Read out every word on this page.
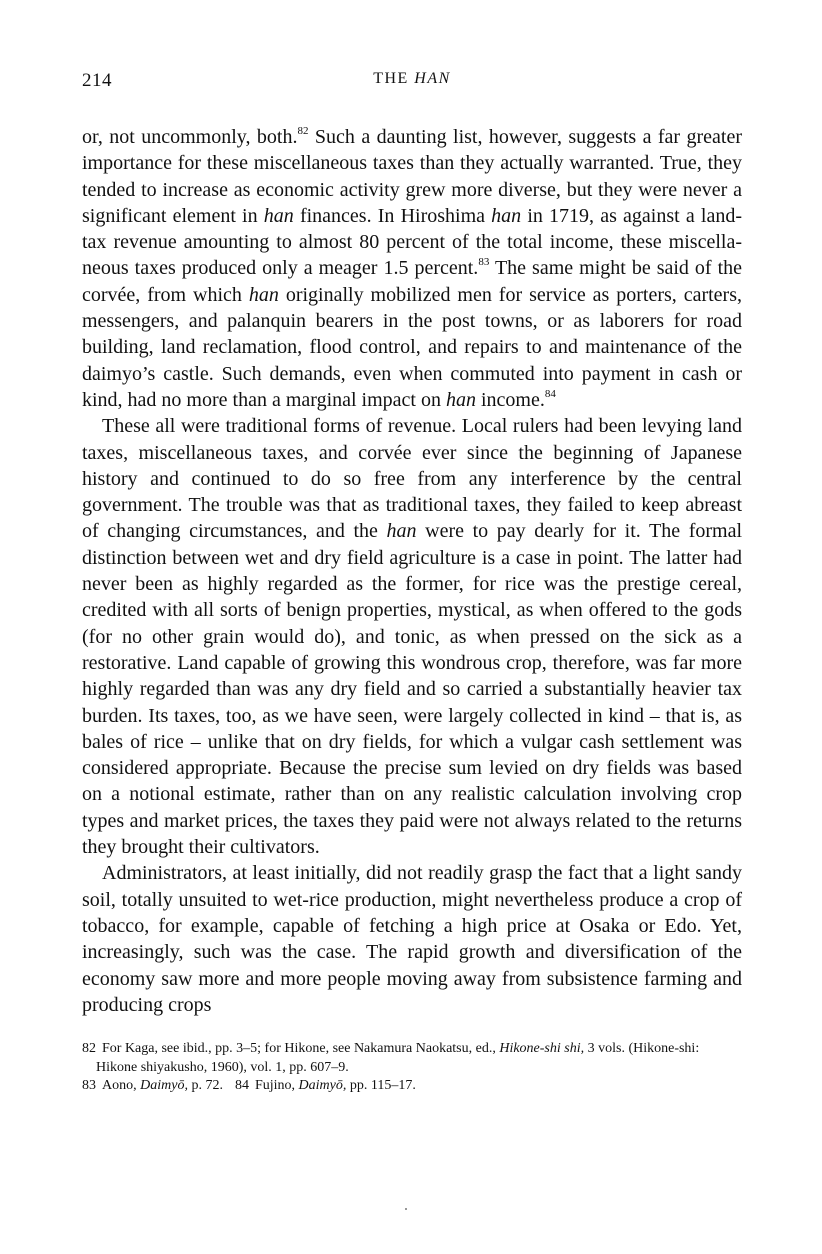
214	THE HAN

or, not uncommonly, both.$^{82}$ Such a daunting list, however, suggests a far greater importance for these miscellaneous taxes than they actually warranted. True, they tended to increase as economic activity grew more diverse, but they were never a significant element in han finances. In Hiroshima han in 1719, as against a land-tax revenue amounting to almost 80 percent of the total income, these miscellaneous taxes produced only a meager 1.5 percent.$^{83}$ The same might be said of the corvée, from which han originally mobilized men for service as porters, carters, messengers, and palanquin bearers in the post towns, or as laborers for road building, land reclamation, flood control, and repairs to and maintenance of the daimyo’s castle. Such demands, even when commuted into payment in cash or kind, had no more than a marginal impact on han income.$^{84}$

These all were traditional forms of revenue. Local rulers had been levying land taxes, miscellaneous taxes, and corvée ever since the beginning of Japanese history and continued to do so free from any interference by the central government. The trouble was that as traditional taxes, they failed to keep abreast of changing circumstances, and the han were to pay dearly for it. The formal distinction between wet and dry field agriculture is a case in point. The latter had never been as highly regarded as the former, for rice was the prestige cereal, credited with all sorts of benign properties, mystical, as when offered to the gods (for no other grain would do), and tonic, as when pressed on the sick as a restorative. Land capable of growing this wondrous crop, therefore, was far more highly regarded than was any dry field and so carried a substantially heavier tax burden. Its taxes, too, as we have seen, were largely collected in kind – that is, as bales of rice – unlike that on dry fields, for which a vulgar cash settlement was considered appropriate. Because the precise sum levied on dry fields was based on a notional estimate, rather than on any realistic calculation involving crop types and market prices, the taxes they paid were not always related to the returns they brought their cultivators.

Administrators, at least initially, did not readily grasp the fact that a light sandy soil, totally unsuited to wet-rice production, might nevertheless produce a crop of tobacco, for example, capable of fetching a high price at Osaka or Edo. Yet, increasingly, such was the case. The rapid growth and diversification of the economy saw more and more people moving away from subsistence farming and producing crops

82 For Kaga, see ibid., pp. 3–5; for Hikone, see Nakamura Naokatsu, ed., Hikone-shi shi, 3 vols. (Hikone-shi: Hikone shiyakusho, 1960), vol. 1, pp. 607–9.
83 Aono, Daimyō, p. 72. 84 Fujino, Daimyō, pp. 115–17.
